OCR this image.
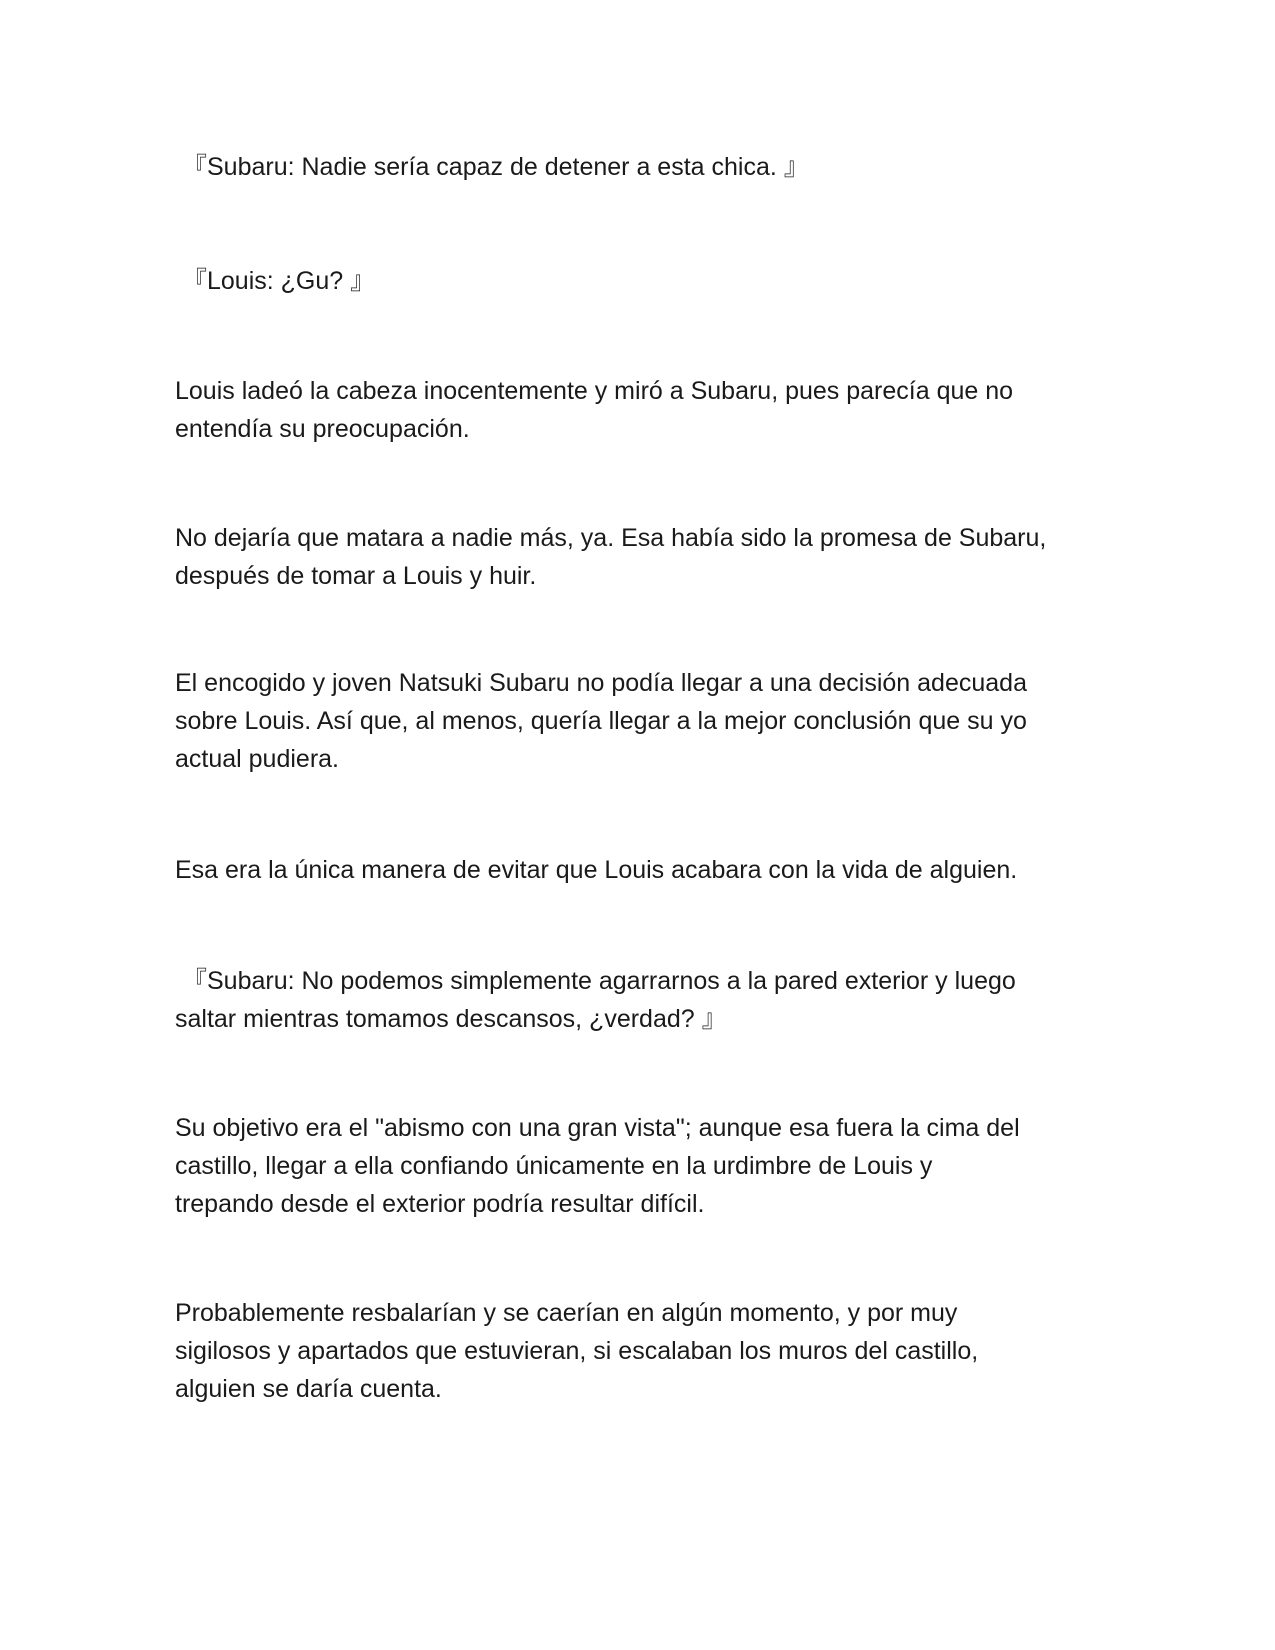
『Subaru: Nadie sería capaz de detener a esta chica. 』

『Louis: ¿Gu? 』

Louis ladeó la cabeza inocentemente y miró a Subaru, pues parecía que no
entendía su preocupación.

No dejaría que matara a nadie más, ya. Esa había sido la promesa de Subaru,
después de tomar a Louis y huir.

El encogido y joven Natsuki Subaru no podía llegar a una decisión adecuada
sobre Louis. Así que, al menos, quería llegar a la mejor conclusión que su yo
actual pudiera.

Esa era la única manera de evitar que Louis acabara con la vida de alguien.

『Subaru: No podemos simplemente agarrarnos a la pared exterior y luego
saltar mientras tomamos descansos, ¿verdad? 』

Su objetivo era el "abismo con una gran vista"; aunque esa fuera la cima del
castillo, llegar a ella confiando únicamente en la urdimbre de Louis y
trepando desde el exterior podría resultar difícil.

Probablemente resbalarían y se caerían en algún momento, y por muy
sigilosos y apartados que estuvieran, si escalaban los muros del castillo,
alguien se daría cuenta.
